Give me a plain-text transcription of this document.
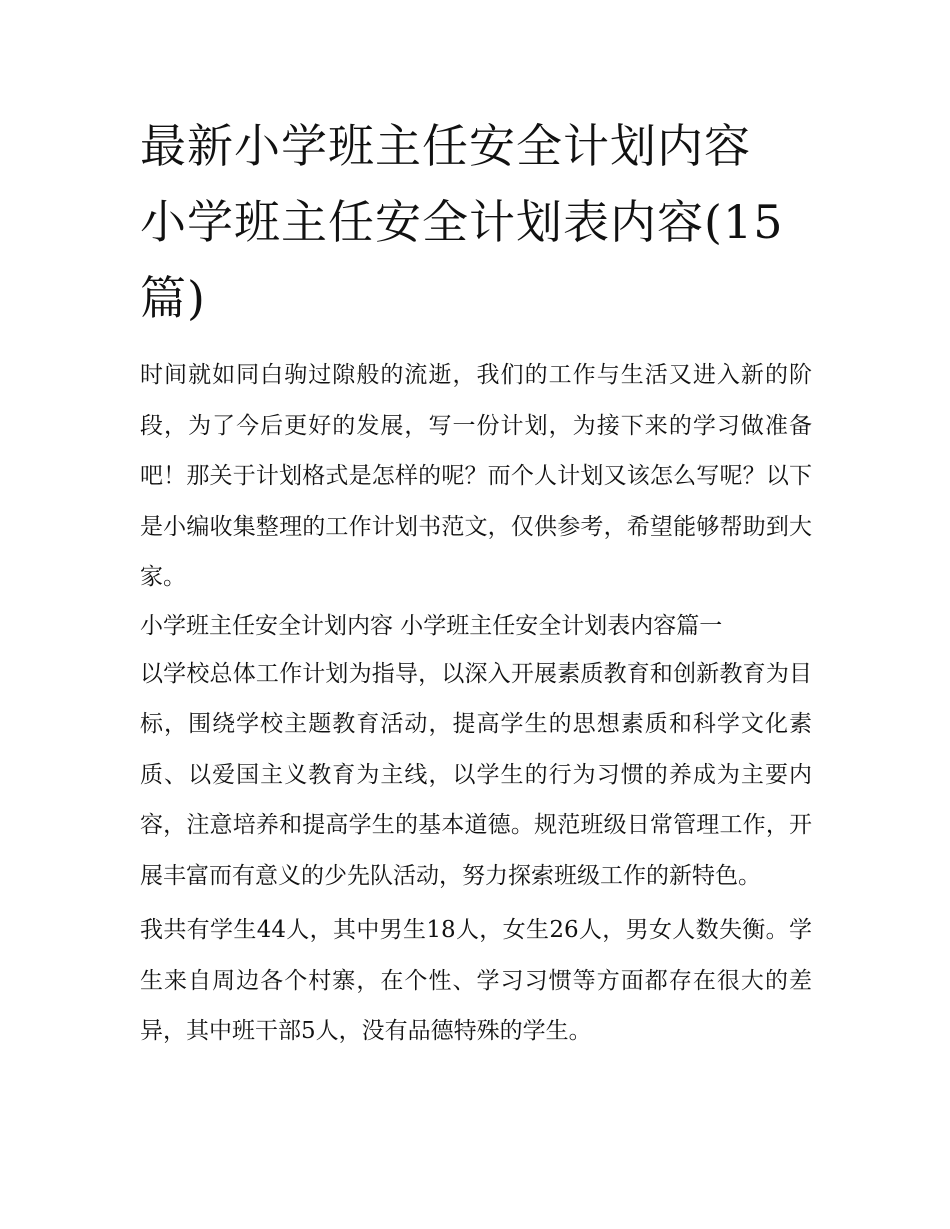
最新小学班主任安全计划内容
小学班主任安全计划表内容(15
篇)

时间就如同白驹过隙般的流逝，我们的工作与生活又进入新的阶段，为了今后更好的发展，写一份计划，为接下来的学习做准备吧！那关于计划格式是怎样的呢？而个人计划又该怎么写呢？以下是小编收集整理的工作计划书范文，仅供参考，希望能够帮助到大家。

小学班主任安全计划内容 小学班主任安全计划表内容篇一

以学校总体工作计划为指导，以深入开展素质教育和创新教育为目标，围绕学校主题教育活动，提高学生的思想素质和科学文化素质、以爱国主义教育为主线，以学生的行为习惯的养成为主要内容，注意培养和提高学生的基本道德。规范班级日常管理工作，开展丰富而有意义的少先队活动，努力探索班级工作的新特色。

我共有学生44人，其中男生18人，女生26人，男女人数失衡。学生来自周边各个村寨，在个性、学习习惯等方面都存在很大的差异，其中班干部5人，没有品德特殊的学生。
